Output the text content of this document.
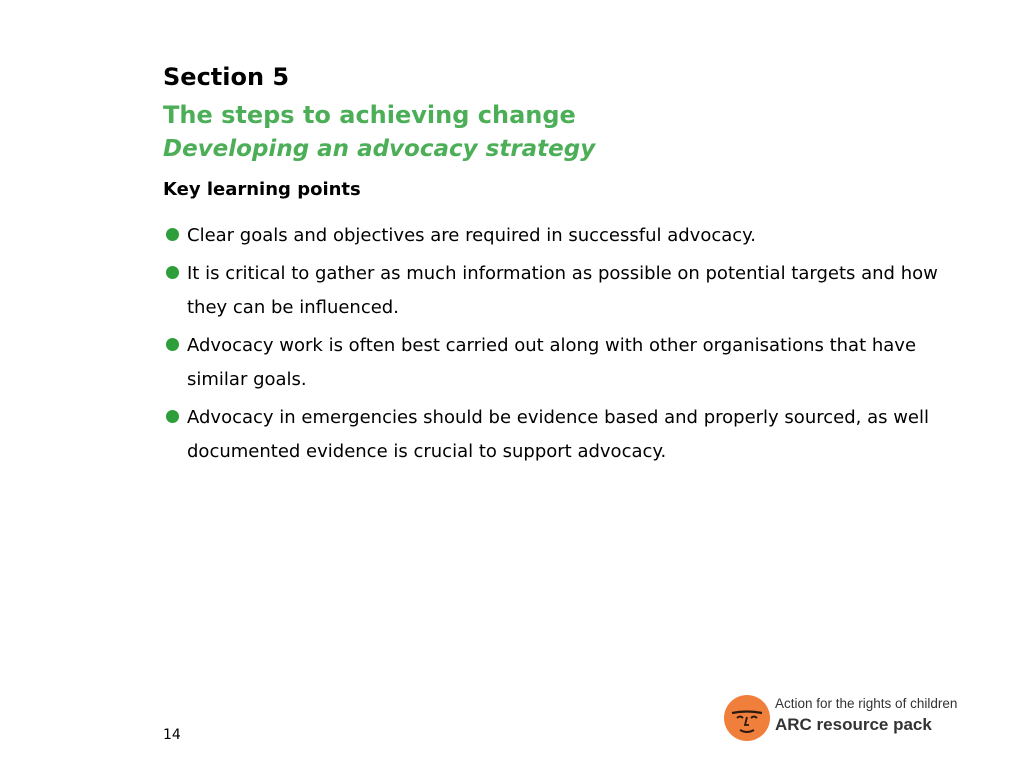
Section 5
The steps to achieving change
Developing an advocacy strategy
Key learning points
Clear goals and objectives are required in successful advocacy.
It is critical to gather as much information as possible on potential targets and how they can be influenced.
Advocacy work is often best carried out along with other organisations that have similar goals.
Advocacy in emergencies should be evidence based and properly sourced, as well documented evidence is crucial to support advocacy.
14
Action for the rights of children
ARC resource pack
